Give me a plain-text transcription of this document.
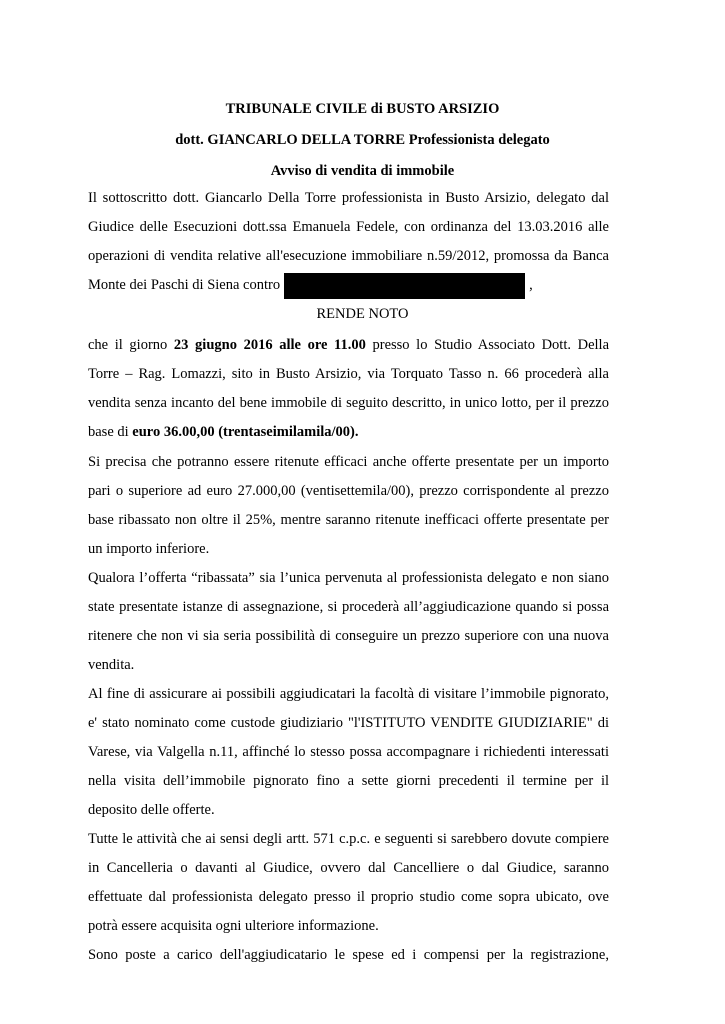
TRIBUNALE CIVILE di BUSTO ARSIZIO
dott. GIANCARLO DELLA TORRE Professionista delegato
Avviso di vendita di immobile
Il sottoscritto dott. Giancarlo Della Torre professionista in Busto Arsizio, delegato dal
Giudice delle Esecuzioni dott.ssa Emanuela Fedele, con ordinanza del 13.03.2016 alle
operazioni di vendita relative all'esecuzione immobiliare n.59/2012, promossa da Banca
Monte dei Paschi di Siena contro	,
RENDE NOTO
che il giorno 23 giugno 2016 alle ore 11.00 presso lo Studio Associato Dott. Della
Torre – Rag. Lomazzi, sito in Busto Arsizio, via Torquato Tasso n. 66 procederà alla
vendita senza incanto del bene immobile di seguito descritto, in unico lotto, per il prezzo
base di euro 36.00,00 (trentaseimilamila/00).
Si precisa che potranno essere ritenute efficaci anche offerte presentate per un importo
pari o superiore ad euro 27.000,00 (ventisettemila/00), prezzo corrispondente al prezzo
base ribassato non oltre il 25%, mentre saranno ritenute inefficaci offerte presentate per
un importo inferiore.
Qualora l’offerta “ribassata” sia l’unica pervenuta al professionista delegato e non siano
state presentate istanze di assegnazione, si procederà all’aggiudicazione quando si possa
ritenere che non vi sia seria possibilità di conseguire un prezzo superiore con una nuova
vendita.
Al fine di assicurare ai possibili aggiudicatari la facoltà di visitare l’immobile pignorato,
e' stato nominato come custode giudiziario "l'ISTITUTO VENDITE GIUDIZIARIE" di
Varese, via Valgella n.11, affinché lo stesso possa accompagnare i richiedenti interessati
nella visita dell’immobile pignorato fino a sette giorni precedenti il termine per il
deposito delle offerte.
Tutte le attività che ai sensi degli artt. 571 c.p.c. e seguenti si sarebbero dovute compiere
in Cancelleria o davanti al Giudice, ovvero dal Cancelliere o dal Giudice, saranno
effettuate dal professionista delegato presso il proprio studio come sopra ubicato, ove
potrà essere acquisita ogni ulteriore informazione.
Sono poste a carico dell'aggiudicatario le spese ed i compensi per la registrazione,
